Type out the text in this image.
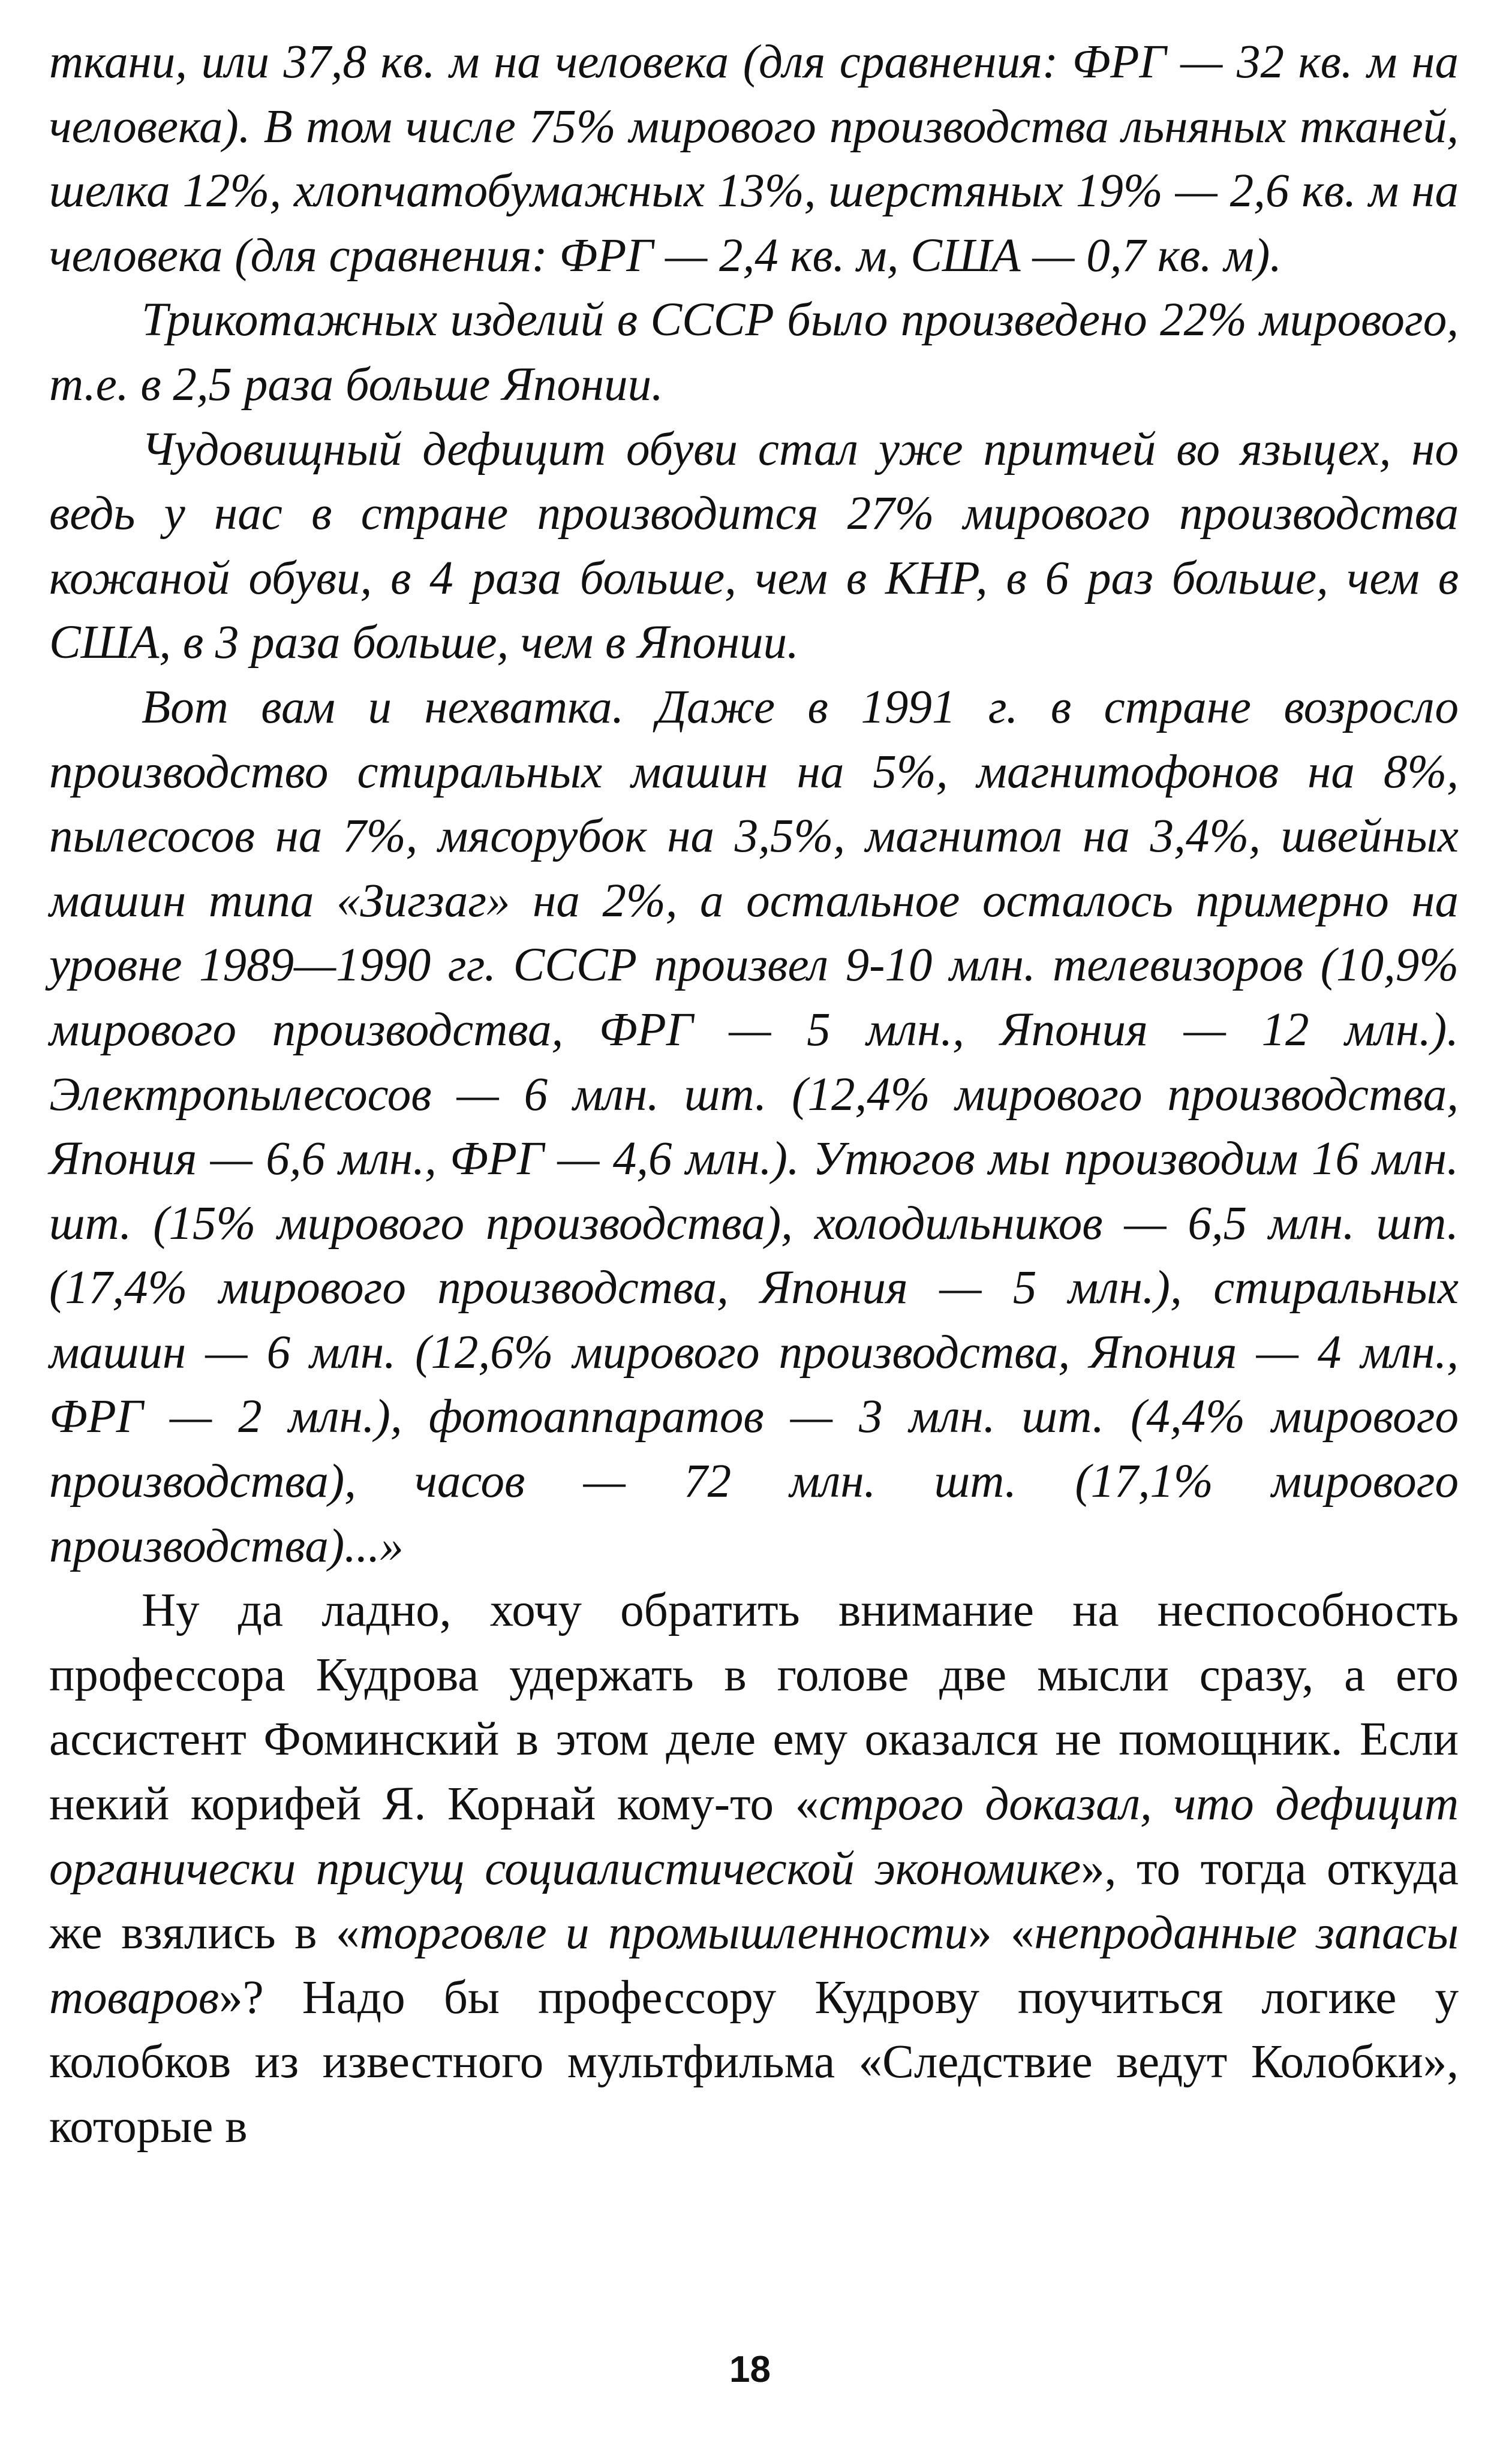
ткани, или 37,8 кв. м на человека (для сравнения: ФРГ — 32 кв. м на человека). В том числе 75% мирового производства льняных тканей, шелка 12%, хлопчатобумажных 13%, шерстяных 19% — 2,6 кв. м на человека (для сравнения: ФРГ — 2,4 кв. м, США — 0,7 кв. м).

Трикотажных изделий в СССР было произведено 22% мирового, т.е. в 2,5 раза больше Японии.

Чудовищный дефицит обуви стал уже притчей во языцех, но ведь у нас в стране производится 27% мирового производства кожаной обуви, в 4 раза больше, чем в КНР, в 6 раз больше, чем в США, в 3 раза больше, чем в Японии.

Вот вам и нехватка. Даже в 1991 г. в стране возросло производство стиральных машин на 5%, магнитофонов на 8%, пылесосов на 7%, мясорубок на 3,5%, магнитол на 3,4%, швейных машин типа «Зигзаг» на 2%, а остальное осталось примерно на уровне 1989—1990 гг. СССР произвел 9-10 млн. телевизоров (10,9% мирового производства, ФРГ — 5 млн., Япония — 12 млн.). Электропылесосов — 6 млн. шт. (12,4% мирового производства, Япония — 6,6 млн., ФРГ — 4,6 млн.). Утюгов мы производим 16 млн. шт. (15% мирового производства), холодильников — 6,5 млн. шт. (17,4% мирового производства, Япония — 5 млн.), стиральных машин — 6 млн. (12,6% мирового производства, Япония — 4 млн., ФРГ — 2 млн.), фотоаппаратов — 3 млн. шт. (4,4% мирового производства), часов — 72 млн. шт. (17,1% мирового производства)...»

Ну да ладно, хочу обратить внимание на неспособность профессора Кудрова удержать в голове две мысли сразу, а его ассистент Фоминский в этом деле ему оказался не помощник. Если некий корифей Я. Корнай кому-то «строго доказал, что дефицит органически присущ социалистической экономике», то тогда откуда же взялись в «торговле и промышленности» «непроданные запасы товаров»? Надо бы профессору Кудрову поучиться логике у колобков из известного мультфильма «Следствие ведут Колобки», которые в

18
